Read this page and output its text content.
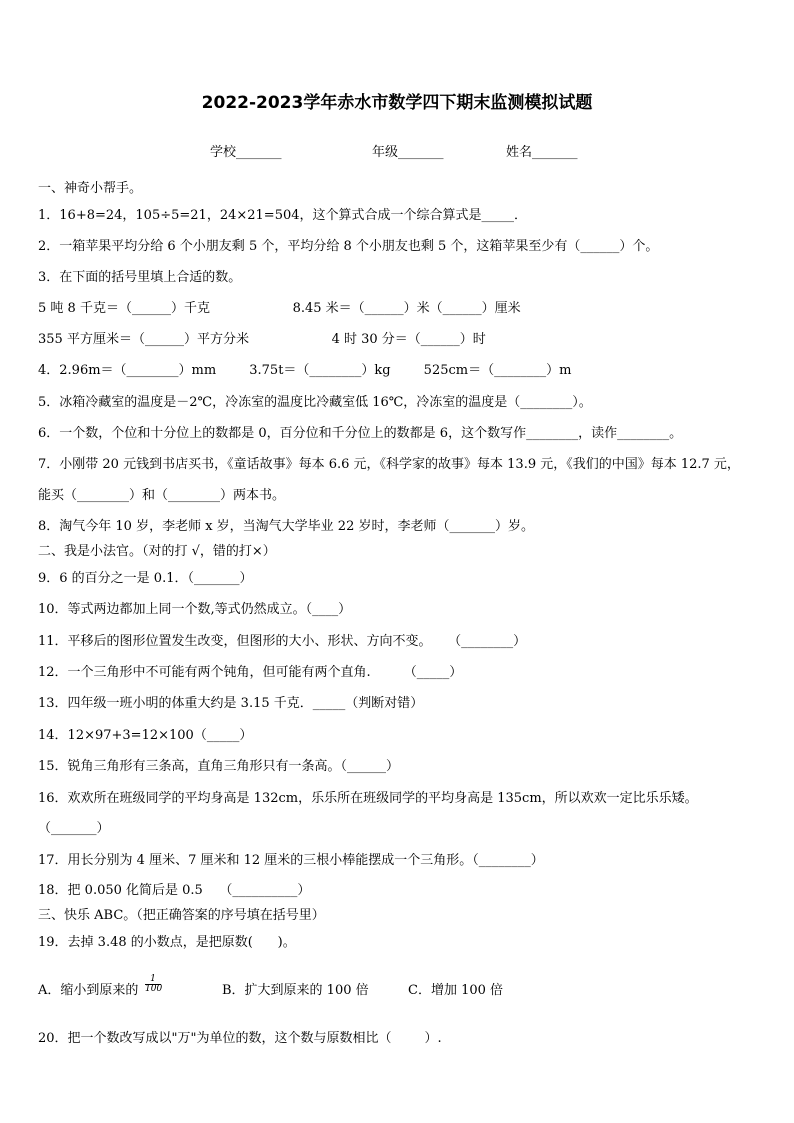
2022-2023学年赤水市数学四下期末监测模拟试题
学校_______	年级_______	姓名_______
一、神奇小帮手。
1．16+8=24，105÷5=21，24×21=504，这个算式合成一个综合算式是_____．
2．一箱苹果平均分给 6 个小朋友剩 5 个，平均分给 8 个小朋友也剩 5 个，这箱苹果至少有（______）个。
3．在下面的括号里填上合适的数。
5 吨 8 千克＝（______）千克                    8.45 米＝（______）米（______）厘米
355 平方厘米＝（______）平方分米                    4 时 30 分＝（______）时
4．2.96m＝（________）mm        3.75t＝（________）kg        525cm＝（________）m
5．冰箱冷藏室的温度是－2℃，冷冻室的温度比冷藏室低 16℃，冷冻室的温度是（________）。
6．一个数，个位和十分位上的数都是 0，百分位和千分位上的数都是 6，这个数写作________，读作________。
7．小刚带 20 元钱到书店买书，《童话故事》每本 6.6 元，《科学家的故事》每本 13.9 元，《我们的中国》每本 12.7 元，
能买（________）和（________）两本书。
8．淘气今年 10 岁，李老师 x 岁，当淘气大学毕业 22 岁时，李老师（_______）岁。
二、我是小法官。（对的打 √，错的打×）
9．6 的百分之一是 0.1．（_______）
10．等式两边都加上同一个数,等式仍然成立。（____）
11．平移后的图形位置发生改变，但图形的大小、形状、方向不变。    （________）
12．一个三角形中不可能有两个钝角，但可能有两个直角.        （_____）
13．四年级一班小明的体重大约是 3.15 千克．_____（判断对错）
14．12×97+3=12×100（_____）
15．锐角三角形有三条高，直角三角形只有一条高。（______）
16．欢欢所在班级同学的平均身高是 132cm，乐乐所在班级同学的平均身高是 135cm，所以欢欢一定比乐乐矮。
（_______）
17．用长分别为 4 厘米、7 厘米和 12 厘米的三根小棒能摆成一个三角形。（________）
18．把 0.050 化简后是 0.5    （__________）
三、快乐 ABC。（把正确答案的序号填在括号里）
19．去掉 3.48 的小数点，是把原数(      )。
A．缩小到原来的
1
100	B．扩大到原来的 100 倍	C．增加 100 倍
20．把一个数改写成以"万"为单位的数，这个数与原数相比（        ）.
